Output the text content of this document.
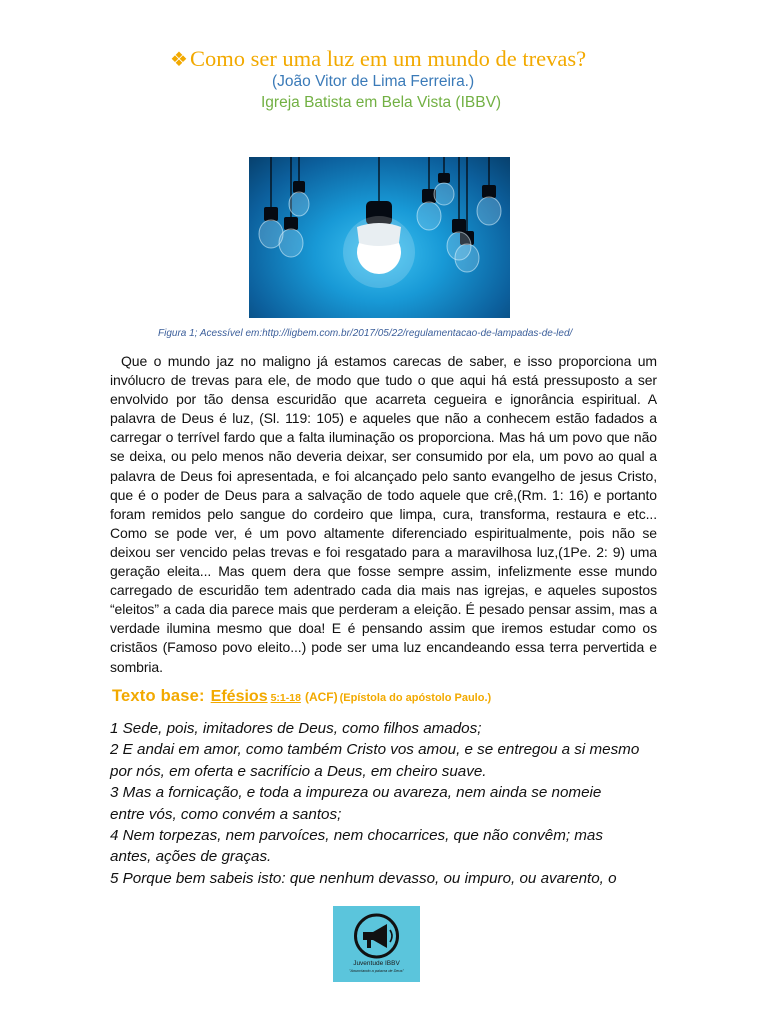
❖Como ser uma luz em um mundo de trevas?
(João Vitor de Lima Ferreira.)
Igreja Batista em Bela Vista (IBBV)
Figura 1; Acessível em:http://ligbem.com.br/2017/05/22/regulamentacao-de-lampadas-de-led/

Que o mundo jaz no maligno já estamos carecas de saber, e isso proporciona um invólucro de trevas para ele, de modo que tudo o que aqui há está pressuposto a ser envolvido por tão densa escuridão que acarreta cegueira e ignorância espiritual. A palavra de Deus é luz, (Sl. 119: 105) e aqueles que não a conhecem estão fadados a carregar o terrível fardo que a falta iluminação os proporciona. Mas há um povo que não se deixa, ou pelo menos não deveria deixar, ser consumido por ela, um povo ao qual a palavra de Deus foi apresentada, e foi alcançado pelo santo evangelho de jesus Cristo, que é o poder de Deus para a salvação de todo aquele que crê,(Rm. 1: 16) e portanto foram remidos pelo sangue do cordeiro que limpa, cura, transforma, restaura e etc... Como se pode ver, é um povo altamente diferenciado espiritualmente, pois não se deixou ser vencido pelas trevas e foi resgatado para a maravilhosa luz,(1Pe. 2: 9) uma geração eleita... Mas quem dera que fosse sempre assim, infelizmente esse mundo carregado de escuridão tem adentrado cada dia mais nas igrejas, e aqueles supostos “eleitos” a cada dia parece mais que perderam a eleição. É pesado pensar assim, mas a verdade ilumina mesmo que doa! E é pensando assim que iremos estudar como os cristãos (Famoso povo eleito...) pode ser uma luz encandeando essa terra pervertida e sombria.

Texto base: Efésios 5:1-18 (ACF) (Epístola do apóstolo Paulo.)
1 Sede, pois, imitadores de Deus, como filhos amados;
2 E andai em amor, como também Cristo vos amou, e se entregou a si mesmo
por nós, em oferta e sacrifício a Deus, em cheiro suave.
3 Mas a fornicação, e toda a impureza ou avareza, nem ainda se nomeie
entre vós, como convém a santos;
4 Nem torpezas, nem parvoíces, nem chocarrices, que não convêm; mas
antes, ações de graças.
5 Porque bem sabeis isto: que nenhum devasso, ou impuro, ou avarento, o
Juventude IBBV
"Anunciando a palavra de Deus"
